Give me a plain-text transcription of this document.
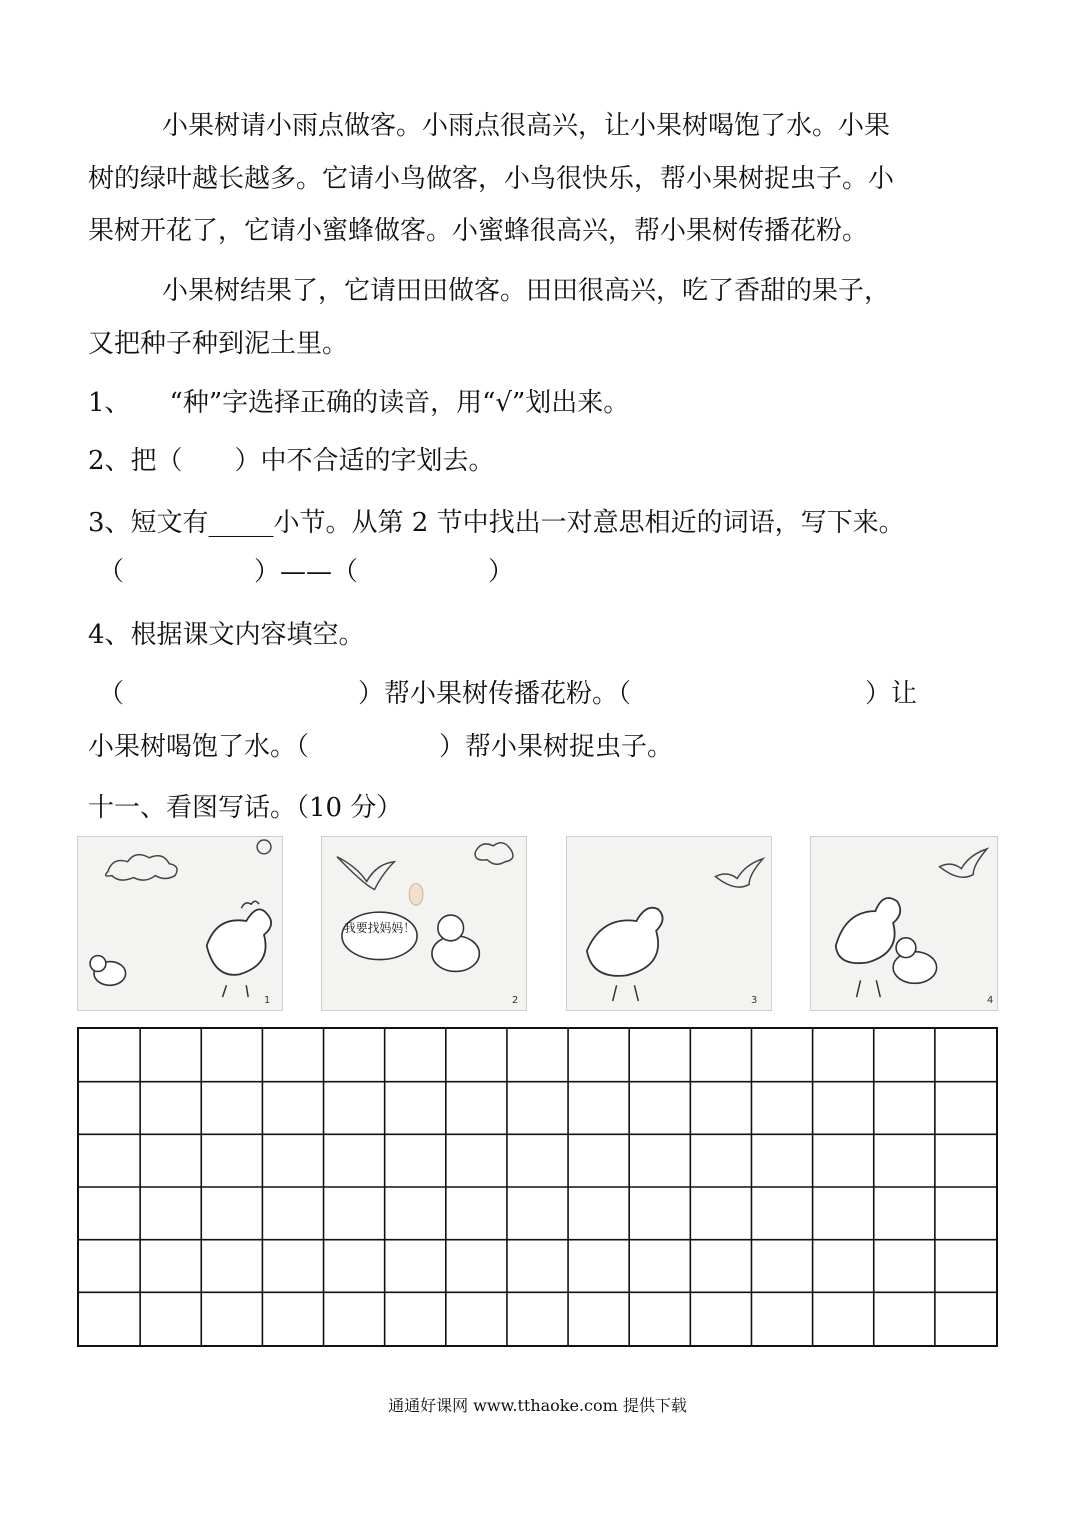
小果树请小雨点做客。小雨点很高兴，让小果树喝饱了水。小果
树的绿叶越长越多。它请小鸟做客，小鸟很快乐，帮小果树捉虫子。小
果树开花了，它请小蜜蜂做客。小蜜蜂很高兴，帮小果树传播花粉。
小果树结果了，它请田田做客。田田很高兴，吃了香甜的果子，
又把种子种到泥土里。
1、　　“种”字选择正确的读音，用“√”划出来。
2、把（　　）中不合适的字划去。
3、短文有_____小节。从第 2 节中找出一对意思相近的词语，写下来。
（　　　　　）——（　　　　　）
4、根据课文内容填空。
（　　　　　　　　　）帮小果树传播花粉。（　　　　　　　　　）让
小果树喝饱了水。（　　　　　）帮小果树捉虫子。
十一、看图写话。（10 分）
1
我要找妈妈！
2	3	4
通通好课网 www.tthaoke.com 提供下载
